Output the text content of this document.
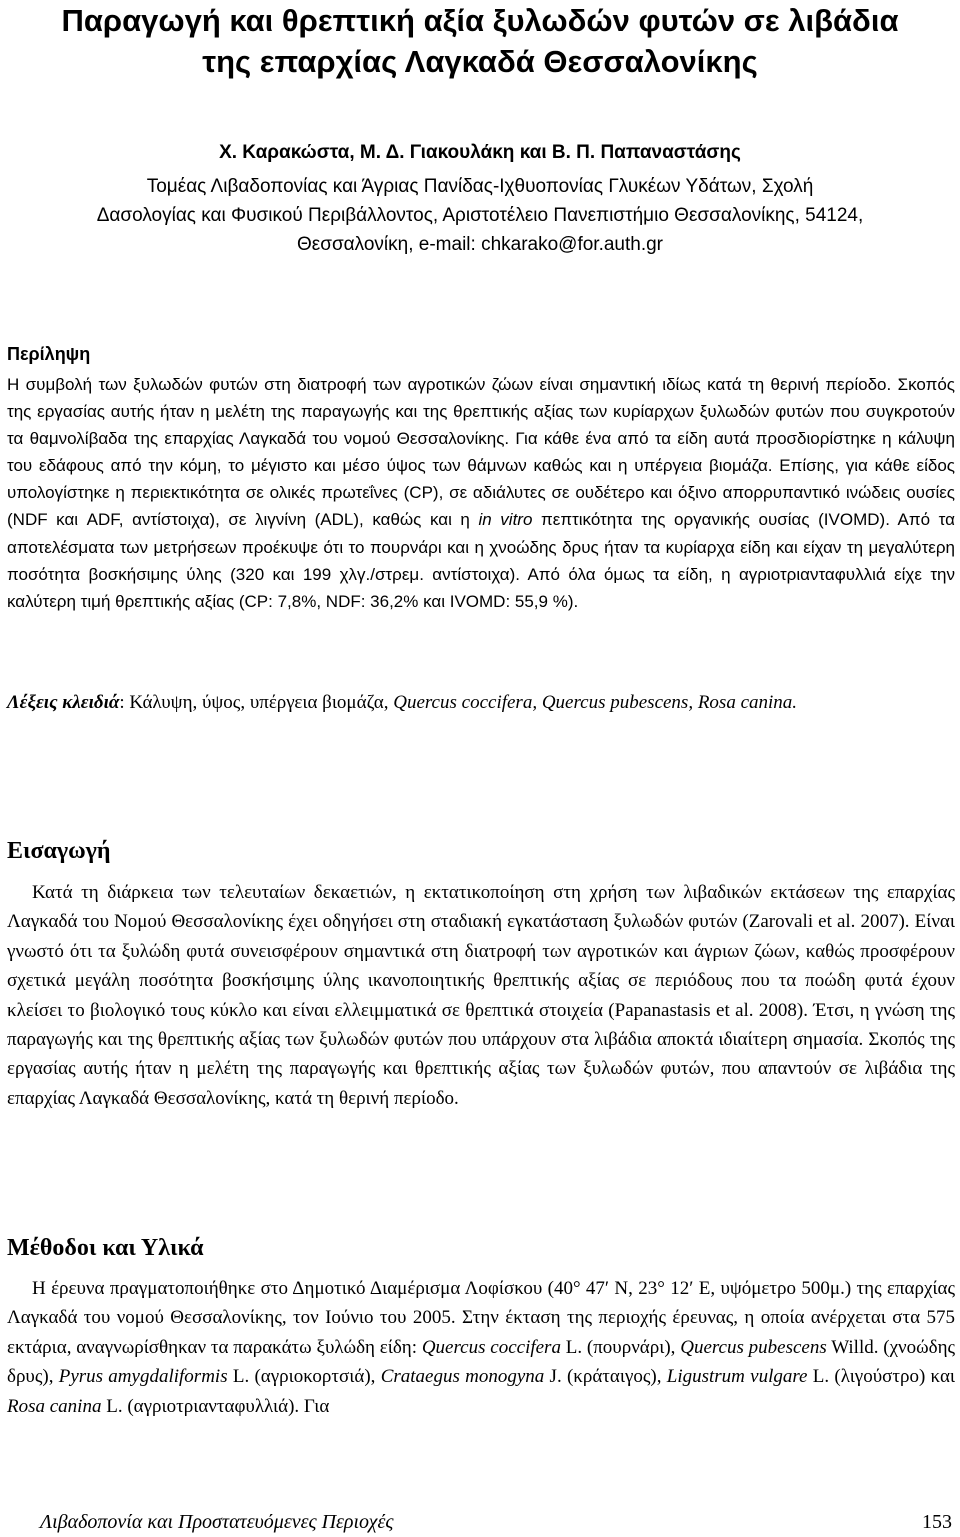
Παραγωγή και θρεπτική αξία ξυλωδών φυτών σε λιβάδια
της επαρχίας Λαγκαδά Θεσσαλονίκης
Χ. Καρακώστα, Μ. Δ. Γιακουλάκη και Β. Π. Παπαναστάσης
Τομέας Λιβαδοπονίας και Άγριας Πανίδας-Ιχθυοπονίας Γλυκέων Υδάτων, Σχολή
Δασολογίας και Φυσικού Περιβάλλοντος, Αριστοτέλειο Πανεπιστήμιο Θεσσαλονίκης, 54124,
Θεσσαλονίκη, e-mail: chkarako@for.auth.gr
Περίληψη
Η συμβολή των ξυλωδών φυτών στη διατροφή των αγροτικών ζώων είναι σημαντική ιδίως κατά τη θερινή περίοδο. Σκοπός της εργασίας αυτής ήταν η μελέτη της παραγωγής και της θρεπτικής αξίας των κυρίαρχων ξυλωδών φυτών που συγκροτούν τα θαμνολίβαδα της επαρχίας Λαγκαδά του νομού Θεσσαλονίκης. Για κάθε ένα από τα είδη αυτά προσδιορίστηκε η κάλυψη του εδάφους από την κόμη, το μέγιστο και μέσο ύψος των θάμνων καθώς και η υπέργεια βιομάζα. Επίσης, για κάθε είδος υπολογίστηκε η περιεκτικότητα σε ολικές πρωτεΐνες (CP), σε αδιάλυτες σε ουδέτερο και όξινο απορρυπαντικό ινώδεις ουσίες (NDF και ADF, αντίστοιχα), σε λιγνίνη (ADL), καθώς και η in vitro πεπτικότητα της οργανικής ουσίας (IVOMD). Από τα αποτελέσματα των μετρήσεων προέκυψε ότι το πουρνάρι και η χνοώδης δρυς ήταν τα κυρίαρχα είδη και είχαν τη μεγαλύτερη ποσότητα βοσκήσιμης ύλης (320 και 199 χλγ./στρεμ. αντίστοιχα). Από όλα όμως τα είδη, η αγριοτριανταφυλλιά είχε την καλύτερη τιμή θρεπτικής αξίας (CP: 7,8%, NDF: 36,2% και IVOMD: 55,9 %).
Λέξεις κλειδιά: Κάλυψη, ύψος, υπέργεια βιομάζα, Quercus coccifera, Quercus pubescens, Rosa canina.
Εισαγωγή
Κατά τη διάρκεια των τελευταίων δεκαετιών, η εκτατικοποίηση στη χρήση των λιβαδικών εκτάσεων της επαρχίας Λαγκαδά του Νομού Θεσσαλονίκης έχει οδηγήσει στη σταδιακή εγκατάσταση ξυλωδών φυτών (Zarovali et al. 2007). Είναι γνωστό ότι τα ξυλώδη φυτά συνεισφέρουν σημαντικά στη διατροφή των αγροτικών και άγριων ζώων, καθώς προσφέρουν σχετικά μεγάλη ποσότητα βοσκήσιμης ύλης ικανοποιητικής θρεπτικής αξίας σε περιόδους που τα ποώδη φυτά έχουν κλείσει το βιολογικό τους κύκλο και είναι ελλειμματικά σε θρεπτικά στοιχεία (Papanastasis et al. 2008). Έτσι, η γνώση της παραγωγής και της θρεπτικής αξίας των ξυλωδών φυτών που υπάρχουν στα λιβάδια αποκτά ιδιαίτερη σημασία. Σκοπός της εργασίας αυτής ήταν η μελέτη της παραγωγής και θρεπτικής αξίας των ξυλωδών φυτών, που απαντούν σε λιβάδια της επαρχίας Λαγκαδά Θεσσαλονίκης, κατά τη θερινή περίοδο.
Μέθοδοι και Υλικά
Η έρευνα πραγματοποιήθηκε στο Δημοτικό Διαμέρισμα Λοφίσκου (40° 47′ N, 23° 12′ E, υψόμετρο 500μ.) της επαρχίας Λαγκαδά του νομού Θεσσαλονίκης, τον Ιούνιο του 2005. Στην έκταση της περιοχής έρευνας, η οποία ανέρχεται στα 575 εκτάρια, αναγνωρίσθηκαν τα παρακάτω ξυλώδη είδη: Quercus coccifera L. (πουρνάρι), Quercus pubescens Willd. (χνοώδης δρυς), Pyrus amygdaliformis L. (αγριοκορτσιά), Crataegus monogyna J. (κράταιγος), Ligustrum vulgare L. (λιγούστρο) και Rosa canina L. (αγριοτριανταφυλλιά). Για
Λιβαδοπονία και Προστατευόμενες Περιοχές	153
